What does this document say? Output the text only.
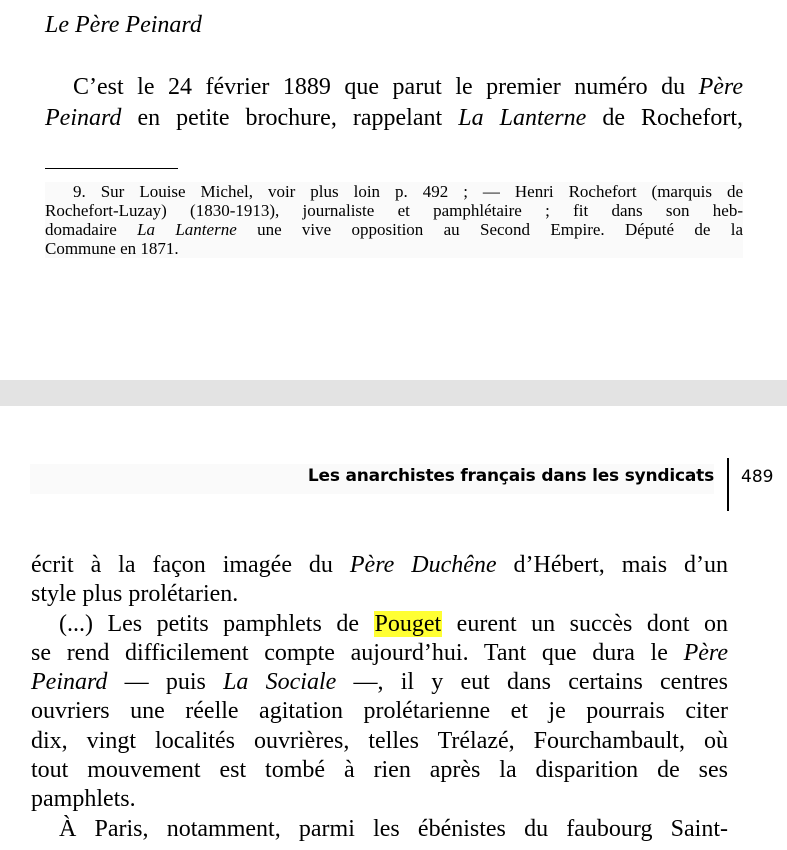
Le Père Peinard
C’est le 24 février 1889 que parut le premier numéro du Père
Peinard en petite brochure, rappelant La Lanterne de Rochefort,
9. Sur Louise Michel, voir plus loin p. 492 ; — Henri Rochefort (marquis de
Rochefort-Luzay) (1830-1913), journaliste et pamphlétaire ; fit dans son heb-
domadaire La Lanterne une vive opposition au Second Empire. Député de la
Commune en 1871.
Les anarchistes français dans les syndicats 489
écrit à la façon imagée du Père Duchêne d’Hébert, mais d’un
style plus prolétarien.
(...) Les petits pamphlets de Pouget eurent un succès dont on
se rend difficilement compte aujourd’hui. Tant que dura le Père
Peinard — puis La Sociale —, il y eut dans certains centres
ouvriers une réelle agitation prolétarienne et je pourrais citer
dix, vingt localités ouvrières, telles Trélazé, Fourchambault, où
tout mouvement est tombé à rien après la disparition de ses
pamphlets.
À Paris, notamment, parmi les ébénistes du faubourg Saint-
